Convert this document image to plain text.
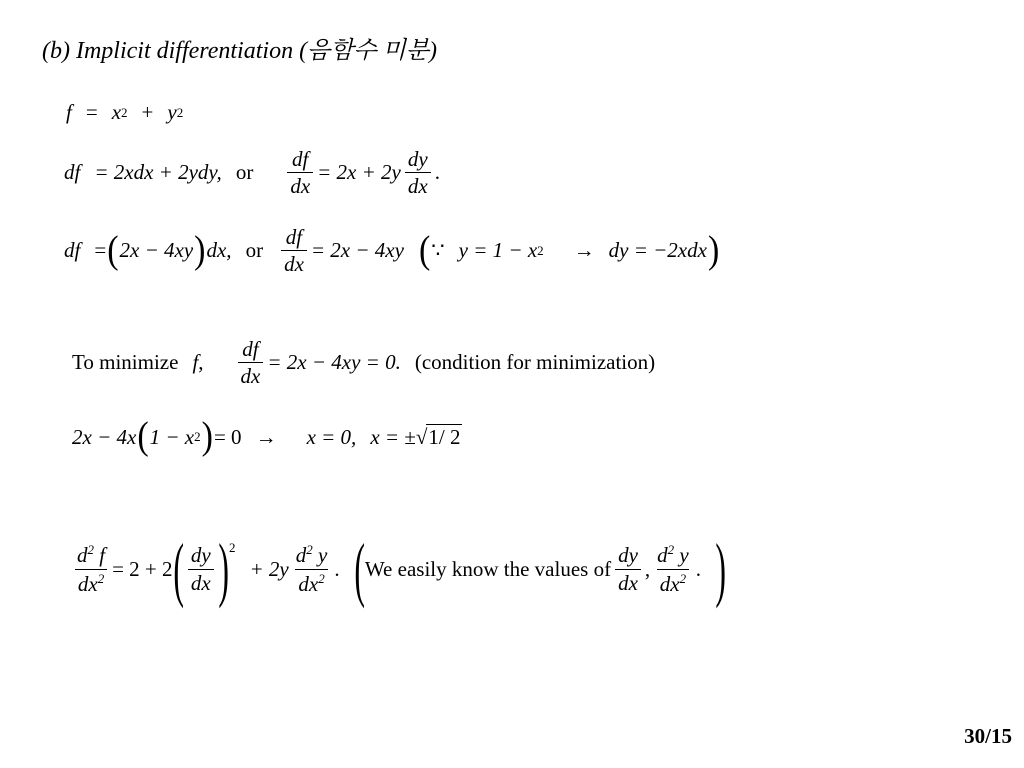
(b) Implicit differentiation (음함수 미분)
f = x 2 + y 2
df = 2xdx + 2ydy, or $\frac{df}{dx} = 2x + 2y \frac{dy}{dx}$ .
df = ( 2x − 4xy ) dx, or $\frac{df}{dx} = 2x - 4xy$ ( ∵ y = 1 − x 2 → dy = −2xdx )
To minimize f , $\frac{df}{dx} = 2x - 4xy = 0$. (condition for minimization)
2x − 4x ( 1 − x 2 ) = 0 → x = 0, x = ± √ 1/ 2
$\frac{d^2 f}{dx^2} = 2 + 2$ ( $\frac{dy}{dx} )^2$
+ $2y \frac{d^2 y}{dx^2}$ . ( We easily know the values of $\frac{dy}{dx}$ , $\frac{d^2 y}{dx^2}$ . )
30/15
